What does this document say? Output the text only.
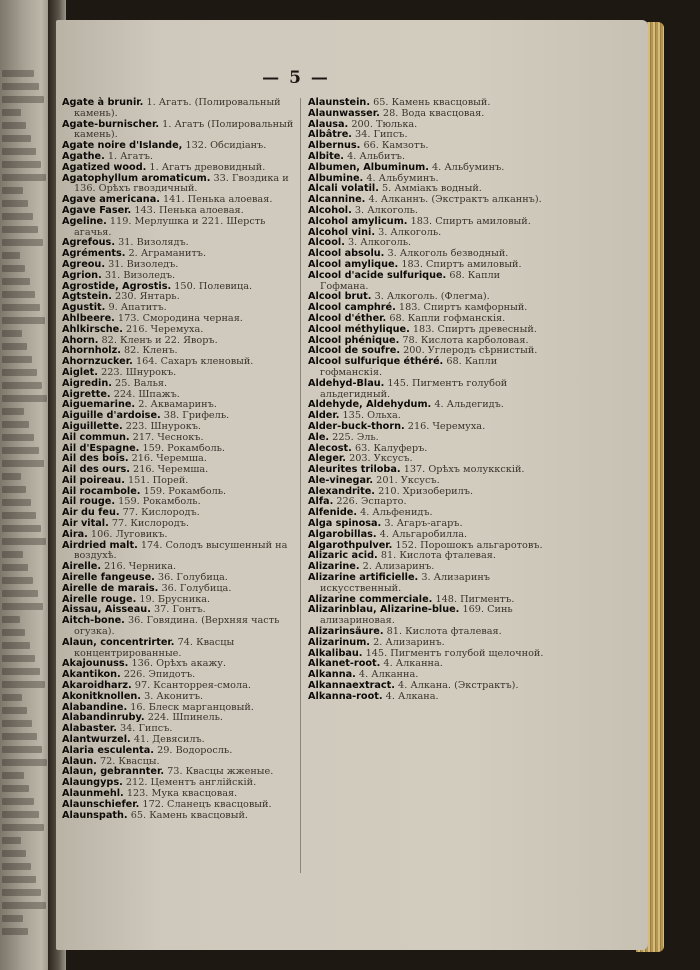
— 5 —

Agate à brunir. 1. Агатъ. (Полировальный камень).

Agate-burnischer. 1. Агатъ (Полировальный камень).

Agate noire d'Islande, 132. Обсидіанъ.

Agathe. 1. Агатъ.

Agatized wood. 1. Агатъ древовидный.

Agatophyllum aromaticum. 33. Гвоздика и 136. Орѣхъ гвоздичный.

Agave americana. 141. Пенька алоевая.

Agave Faser. 143. Пенька алоевая.

Ageline. 119. Мерлушка и 221. Шерсть агачья.

Agrefous. 31. Визолядъ.

Agréments. 2. Аграманитъ.

Agreou. 31. Визоледъ.

Agrion. 31. Визоледъ.

Agrostide, Agrostis. 150. Полевица.

Agtstein. 230. Янтарь.

Agustit. 9. Апатитъ.

Ahlbeere. 173. Смородина черная.

Ahlkirsche. 216. Черемуха.

Ahorn. 82. Кленъ и 22. Яворъ.

Ahornholz. 82. Кленъ.

Ahornzucker. 164. Сахаръ кленовый.

Aiglet. 223. Шнурокъ.

Aigredin. 25. Валья.

Aigrette. 224. Шпажъ.

Aiguemarine. 2. Аквамаринъ.

Aiguille d'ardoise. 38. Грифель.

Aiguillette. 223. Шнурокъ.

Ail commun. 217. Чеснокъ.

Ail d'Espagne. 159. Рокамболь.

Ail des bois. 216. Черемша.

Ail des ours. 216. Черемша.

Ail poireau. 151. Порей.

Ail rocambole. 159. Рокамболь.

Ail rouge. 159. Рокамболь.

Air du feu. 77. Кислородъ.

Air vital. 77. Кислородъ.

Aira. 106. Луговикъ.

Airdried malt. 174. Солодъ высушенный на воздухѣ.

Airelle. 216. Черника.

Airelle fangeuse. 36. Голубица.

Airelle de marais. 36. Голубица.

Airelle rouge. 19. Брусника.

Aissau, Aisseau. 37. Гонтъ.

Aitch-bone. 36. Говядина. (Верхняя часть огузка).

Alaun, concentrirter. 74. Квасцы концентрированные.

Akajounuss. 136. Орѣхъ акажу.

Akantikon. 226. Эпидотъ.

Akaroidharz. 97. Ксанторрея-смола.

Akonitknollen. 3. Аконитъ.

Alabandine. 16. Блеск марганцовый.

Alabandinruby. 224. Шпинель.

Alabaster. 34. Гипсъ.

Alantwurzel. 41. Девясилъ.

Alaria esculenta. 29. Водоросль.

Alaun. 72. Квасцы.

Alaun, gebrannter. 73. Квасцы жженые.

Alaungyps. 212. Цементъ англійскій.

Alaunmehl. 123. Мука квасцовая.

Alaunschiefer. 172. Сланецъ квасцовый.

Alaunspath. 65. Камень квасцовый.

Alaunstein. 65. Камень квасцовый.

Alaunwasser. 28. Вода квасцовая.

Alausa. 200. Тюлька.

Albâtre. 34. Гипсъ.

Albernus. 66. Камзотъ.

Albite. 4. Альбитъ.

Albumen, Albuminum. 4. Альбуминъ.

Albumine. 4. Альбуминъ.

Alcali volatil. 5. Аммiакъ водный.

Alcannine. 4. Алканнъ. (Экстрактъ алканнъ).

Alcohol. 3. Алкоголь.

Alcohol amylicum. 183. Спиртъ амиловый.

Alcohol vini. 3. Алкоголь.

Alcool. 3. Алкоголь.

Alcool absolu. 3. Алкоголь безводный.

Alcool amylique. 183. Спиртъ амиловый.

Alcool d'acide sulfurique. 68. Капли Гофмана.

Alcool brut. 3. Алкоголь. (Флегма).

Alcool camphré. 183. Спиртъ камфорный.

Alcool d'éther. 68. Капли гофманскія.

Alcool méthylique. 183. Спиртъ древесный.

Alcool phénique. 78. Кислота карболовая.

Alcool de soufre. 200. Углеродъ сѣрнистый.

Alcool sulfurique éthéré. 68. Капли гофманскія.

Aldehyd-Blau. 145. Пигментъ голубой альдегидный.

Aldehyde, Aldehydum. 4. Альдегидъ.

Alder. 135. Ольха.

Alder-buck-thorn. 216. Черемуха.

Ale. 225. Эль.

Alecost. 63. Калуферъ.

Aleger. 203. Уксусъ.

Aleurites triloba. 137. Орѣхъ молуккскій.

Ale-vinegar. 201. Уксусъ.

Alexandrite. 210. Хризоберилъ.

Alfa. 226. Эспарто.

Alfenide. 4. Альфенидъ.

Alga spinosa. 3. Агаръ-агаръ.

Algarobillas. 4. Альгаробилла.

Algarothpulver. 152. Порошокъ альгаротовъ.

Alizaric acid. 81. Кислота фталевая.

Alizarine. 2. Ализаринъ.

Alizarine artificielle. 3. Ализаринъ искусственный.

Alizarine commerciale. 148. Пигментъ.

Alizarinblau, Alizarine-blue. 169. Синь ализариновая.

Alizarinsäure. 81. Кислота фталевая.

Alizarinum. 2. Ализаринъ.

Alkalibau. 145. Пигментъ голубой щелочной.

Alkanet-root. 4. Алканна.

Alkanna. 4. Алканна.

Alkannaextract. 4. Алкана. (Экстрактъ).

Alkanna-root. 4. Алкана.
